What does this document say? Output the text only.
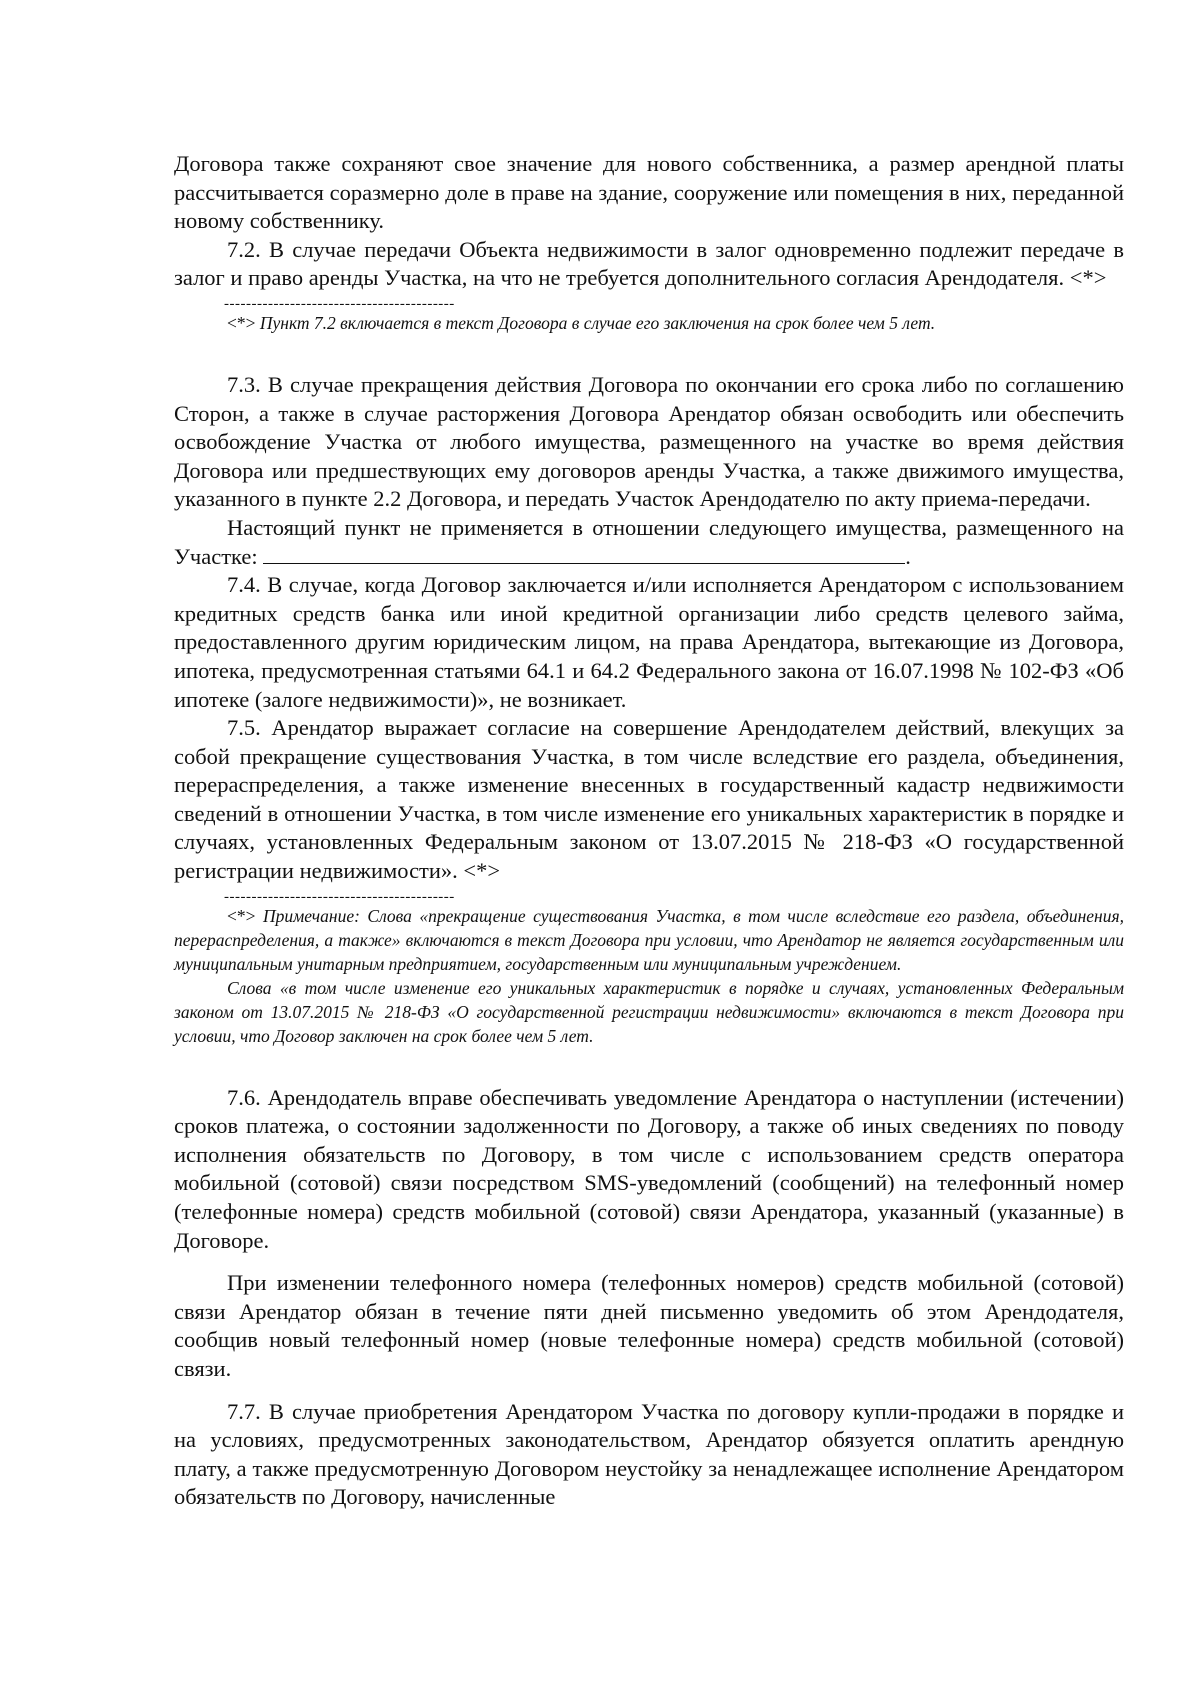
Договора также сохраняют свое значение для нового собственника, а размер арендной платы рассчитывается соразмерно доле в праве на здание, сооружение или помещения в них, переданной новому собственнику.

7.2. В случае передачи Объекта недвижимости в залог одновременно подлежит передаче в залог и право аренды Участка, на что не требуется дополнительного согласия Арендодателя. <*>

------------------------------------------

<*> Пункт 7.2 включается в текст Договора в случае его заключения на срок более чем 5 лет.

7.3. В случае прекращения действия Договора по окончании его срока либо по соглашению Сторон, а также в случае расторжения Договора Арендатор обязан освободить или обеспечить освобождение Участка от любого имущества, размещенного на участке во время действия Договора или предшествующих ему договоров аренды Участка, а также движимого имущества, указанного в пункте 2.2 Договора, и передать Участок Арендодателю по акту приема-передачи.

Настоящий пункт не применяется в отношении следующего имущества, размещенного на Участке:	.

7.4. В случае, когда Договор заключается и/или исполняется Арендатором с использованием кредитных средств банка или иной кредитной организации либо средств целевого займа, предоставленного другим юридическим лицом, на права Арендатора, вытекающие из Договора, ипотека, предусмотренная статьями 64.1 и 64.2 Федерального закона от 16.07.1998 № 102-ФЗ «Об ипотеке (залоге недвижимости)», не возникает.

7.5. Арендатор выражает согласие на совершение Арендодателем действий, влекущих за собой прекращение существования Участка, в том числе вследствие его раздела, объединения, перераспределения, а также изменение внесенных в государственный кадастр недвижимости сведений в отношении Участка, в том числе изменение его уникальных характеристик в порядке и случаях, установленных Федеральным законом от 13.07.2015 № 218-ФЗ «О государственной регистрации недвижимости». <*>

------------------------------------------

<*> Примечание: Слова «прекращение существования Участка, в том числе вследствие его раздела, объединения, перераспределения, а также» включаются в текст Договора при условии, что Арендатор не является государственным или муниципальным унитарным предприятием, государственным или муниципальным учреждением.

Слова «в том числе изменение его уникальных характеристик в порядке и случаях, установленных Федеральным законом от 13.07.2015 № 218-ФЗ «О государственной регистрации недвижимости» включаются в текст Договора при условии, что Договор заключен на срок более чем 5 лет.

7.6. Арендодатель вправе обеспечивать уведомление Арендатора о наступлении (истечении) сроков платежа, о состоянии задолженности по Договору, а также об иных сведениях по поводу исполнения обязательств по Договору, в том числе с использованием средств оператора мобильной (сотовой) связи посредством SMS-уведомлений (сообщений) на телефонный номер (телефонные номера) средств мобильной (сотовой) связи Арендатора, указанный (указанные) в Договоре.

При изменении телефонного номера (телефонных номеров) средств мобильной (сотовой) связи Арендатор обязан в течение пяти дней письменно уведомить об этом Арендодателя, сообщив новый телефонный номер (новые телефонные номера) средств мобильной (сотовой) связи.

7.7. В случае приобретения Арендатором Участка по договору купли-продажи в порядке и на условиях, предусмотренных законодательством, Арендатор обязуется оплатить арендную плату, а также предусмотренную Договором неустойку за ненадлежащее исполнение Арендатором обязательств по Договору, начисленные
